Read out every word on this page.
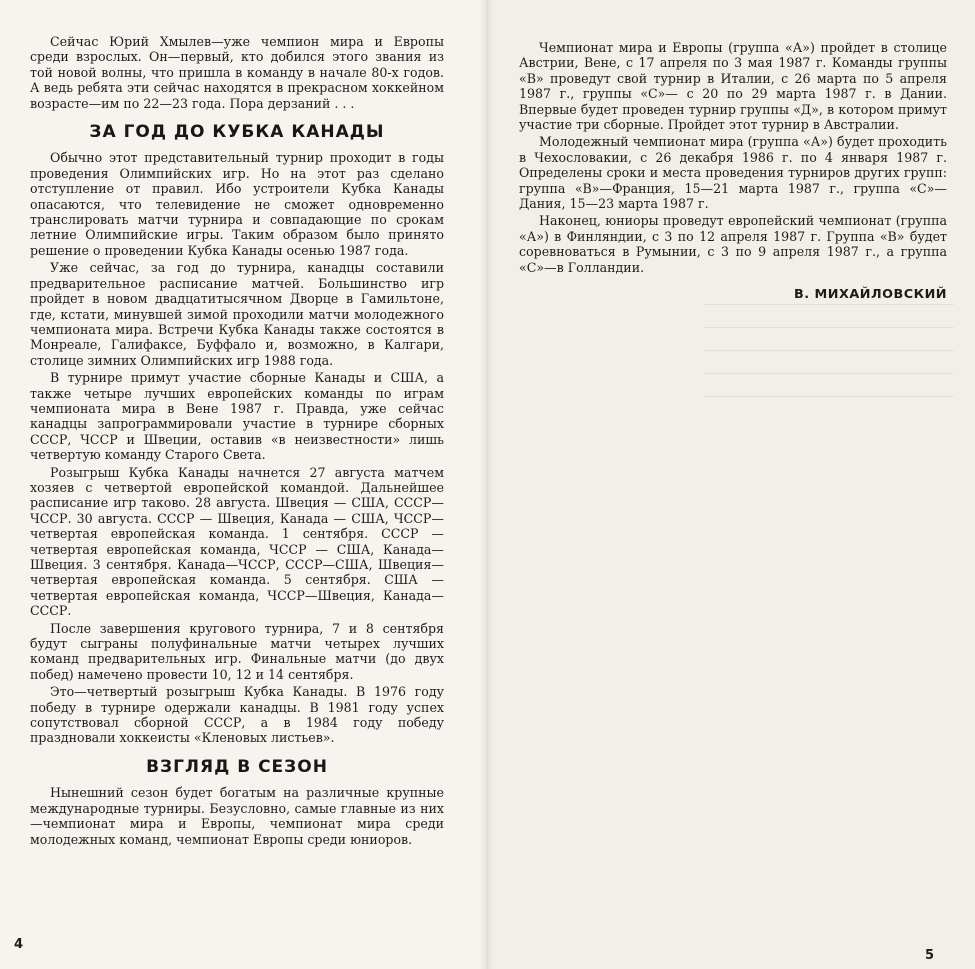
Сейчас Юрий Хмылев—уже чемпион мира и Европы среди взрослых. Он—первый, кто добился этого звания из той новой волны, что пришла в команду в начале 80-х годов. А ведь ребята эти сейчас находятся в прекрасном хоккейном возрасте—им по 22—23 года. Пора дерзаний . . .

ЗА ГОД ДО КУБКА КАНАДЫ

Обычно этот представительный турнир проходит в годы проведения Олимпийских игр. Но на этот раз сделано отступление от правил. Ибо устроители Кубка Канады опасаются, что телевидение не сможет одновременно транслировать матчи турнира и совпадающие по срокам летние Олимпийские игры. Таким образом было принято решение о проведении Кубка Канады осенью 1987 года.

Уже сейчас, за год до турнира, канадцы составили предварительное расписание матчей. Большинство игр пройдет в новом двадцатитысячном Дворце в Гамильтоне, где, кстати, минувшей зимой проходили матчи молодежного чемпионата мира. Встречи Кубка Канады также состоятся в Монреале, Галифаксе, Буффало и, возможно, в Калгари, столице зимних Олимпийских игр 1988 года.

В турнире примут участие сборные Канады и США, а также четыре лучших европейских команды по играм чемпионата мира в Вене 1987 г. Правда, уже сейчас канадцы запрограммировали участие в турнире сборных СССР, ЧССР и Швеции, оставив «в неизвестности» лишь четвертую команду Старого Света.

Розыгрыш Кубка Канады начнется 27 августа матчем хозяев с четвертой европейской командой. Дальнейшее расписание игр таково. 28 августа. Швеция — США, СССР—ЧССР. 30 августа. СССР — Швеция, Канада — США, ЧССР—четвертая европейская команда. 1 сентября. СССР — четвертая европейская команда, ЧССР — США, Канада—Швеция. 3 сентября. Канада—ЧССР, СССР—США, Швеция—четвертая европейская команда. 5 сентября. США — четвертая европейская команда, ЧССР—Швеция, Канада—СССР.

После завершения кругового турнира, 7 и 8 сентября будут сыграны полуфинальные матчи четырех лучших команд предварительных игр. Финальные матчи (до двух побед) намечено провести 10, 12 и 14 сентября.

Это—четвертый розыгрыш Кубка Канады. В 1976 году победу в турнире одержали канадцы. В 1981 году успех сопутствовал сборной СССР, а в 1984 году победу праздновали хоккеисты «Кленовых листьев».

ВЗГЛЯД В СЕЗОН

Нынешний сезон будет богатым на различные крупные международные турниры. Безусловно, самые главные из них—чемпионат мира и Европы, чемпионат мира среди молодежных команд, чемпионат Европы среди юниоров.

4

Чемпионат мира и Европы (группа «А») пройдет в столице Австрии, Вене, с 17 апреля по 3 мая 1987 г. Команды группы «В» проведут свой турнир в Италии, с 26 марта по 5 апреля 1987 г., группы «С»— с 20 по 29 марта 1987 г. в Дании. Впервые будет проведен турнир группы «Д», в котором примут участие три сборные. Пройдет этот турнир в Австралии.

Молодежный чемпионат мира (группа «А») будет проходить в Чехословакии, с 26 декабря 1986 г. по 4 января 1987 г. Определены сроки и места проведения турниров других групп: группа «В»—Франция, 15—21 марта 1987 г., группа «С»—Дания, 15—23 марта 1987 г.

Наконец, юниоры проведут европейский чемпионат (группа «А») в Финляндии, с 3 по 12 апреля 1987 г. Группа «В» будет соревноваться в Румынии, с 3 по 9 апреля 1987 г., а группа «С»—в Голландии.

В. МИХАЙЛОВСКИЙ
5
